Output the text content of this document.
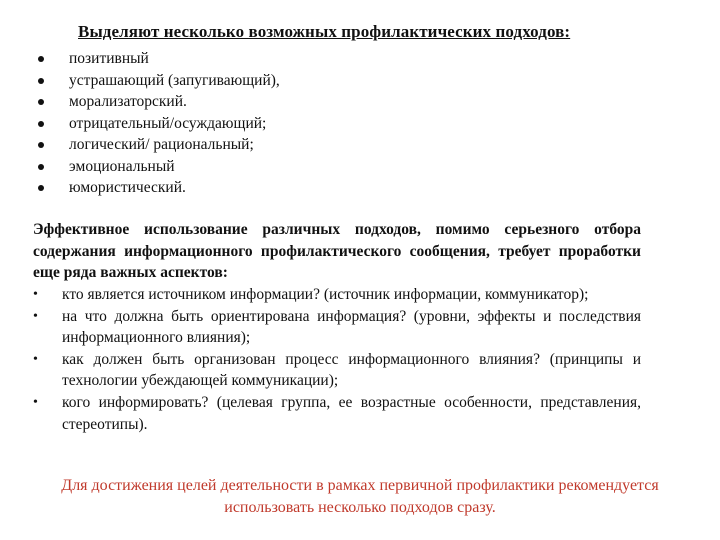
Выделяют несколько возможных профилактических подходов:
позитивный
устрашающий (запугивающий),
морализаторский.
отрицательный/осуждающий;
логический/ рациональный;
эмоциональный
юмористический.
Эффективное использование различных подходов, помимо серьезного отбора содержания информационного профилактического сообщения, требует проработки еще ряда важных аспектов:
• кто является источником информации? (источник информации, коммуникатор);
• на что должна быть ориентирована информация? (уровни, эффекты и последствия информационного влияния);
• как должен быть организован процесс информационного влияния? (принципы и технологии убеждающей коммуникации);
• кого информировать? (целевая группа, ее возрастные особенности, представления, стереотипы).
Для достижения целей деятельности в рамках первичной профилактики рекомендуется использовать несколько подходов сразу.
